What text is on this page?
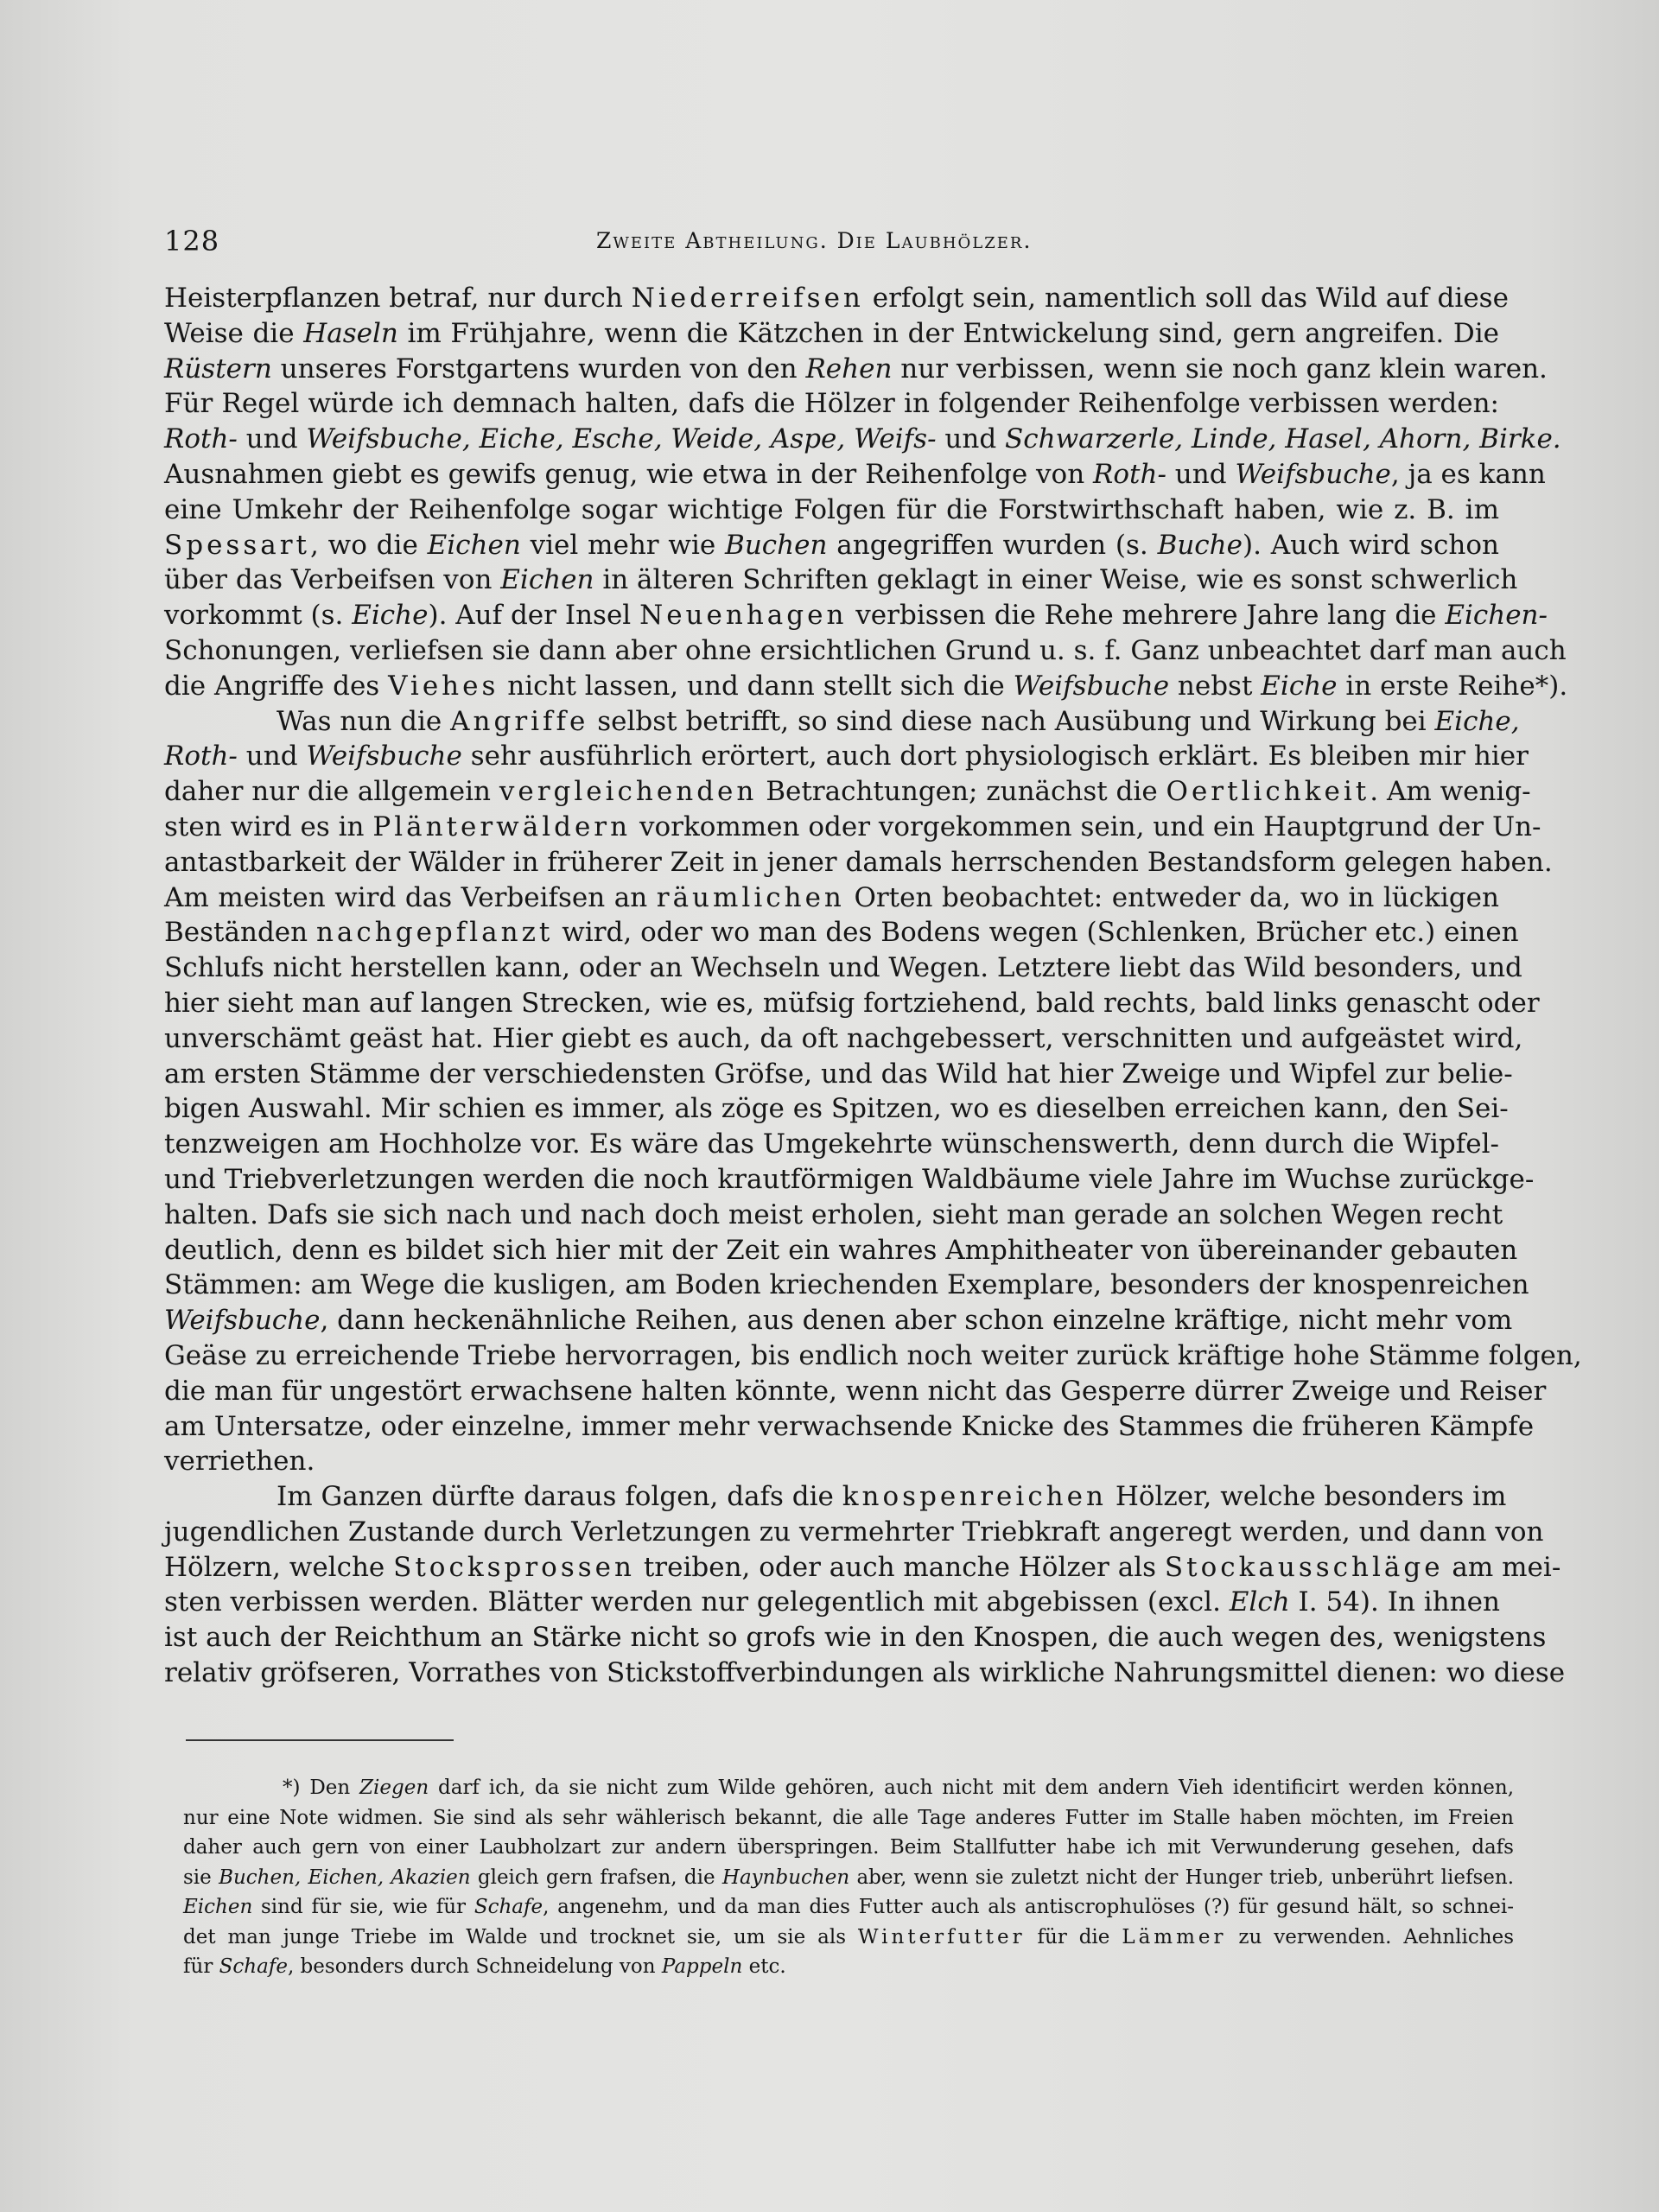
128	Zweite Abtheilung. Die Laubhölzer.
Heisterpflanzen betraf, nur durch Niederreifsen erfolgt sein, namentlich soll das Wild auf diese
Weise die Haseln im Frühjahre, wenn die Kätzchen in der Entwickelung sind, gern angreifen. Die
Rüstern unseres Forstgartens wurden von den Rehen nur verbissen, wenn sie noch ganz klein waren.
Für Regel würde ich demnach halten, dafs die Hölzer in folgender Reihenfolge verbissen werden:
Roth- und Weifsbuche, Eiche, Esche, Weide, Aspe, Weifs- und Schwarzerle, Linde, Hasel, Ahorn, Birke.
Ausnahmen giebt es gewifs genug, wie etwa in der Reihenfolge von Roth- und Weifsbuche, ja es kann
eine Umkehr der Reihenfolge sogar wichtige Folgen für die Forstwirthschaft haben, wie z. B. im
Spessart, wo die Eichen viel mehr wie Buchen angegriffen wurden (s. Buche). Auch wird schon
über das Verbeifsen von Eichen in älteren Schriften geklagt in einer Weise, wie es sonst schwerlich
vorkommt (s. Eiche). Auf der Insel Neuenhagen verbissen die Rehe mehrere Jahre lang die Eichen-
Schonungen, verliefsen sie dann aber ohne ersichtlichen Grund u. s. f. Ganz unbeachtet darf man auch
die Angriffe des Viehes nicht lassen, und dann stellt sich die Weifsbuche nebst Eiche in erste Reihe*).
Was nun die Angriffe selbst betrifft, so sind diese nach Ausübung und Wirkung bei Eiche,
Roth- und Weifsbuche sehr ausführlich erörtert, auch dort physiologisch erklärt. Es bleiben mir hier
daher nur die allgemein vergleichenden Betrachtungen; zunächst die Oertlichkeit. Am wenig-
sten wird es in Plänterwäldern vorkommen oder vorgekommen sein, und ein Hauptgrund der Un-
antastbarkeit der Wälder in früherer Zeit in jener damals herrschenden Bestandsform gelegen haben.
Am meisten wird das Verbeifsen an räumlichen Orten beobachtet: entweder da, wo in lückigen
Beständen nachgepflanzt wird, oder wo man des Bodens wegen (Schlenken, Brücher etc.) einen
Schlufs nicht herstellen kann, oder an Wechseln und Wegen. Letztere liebt das Wild besonders, und
hier sieht man auf langen Strecken, wie es, müfsig fortziehend, bald rechts, bald links genascht oder
unverschämt geäst hat. Hier giebt es auch, da oft nachgebessert, verschnitten und aufgeästet wird,
am ersten Stämme der verschiedensten Gröfse, und das Wild hat hier Zweige und Wipfel zur belie-
bigen Auswahl. Mir schien es immer, als zöge es Spitzen, wo es dieselben erreichen kann, den Sei-
tenzweigen am Hochholze vor. Es wäre das Umgekehrte wünschenswerth, denn durch die Wipfel-
und Triebverletzungen werden die noch krautförmigen Waldbäume viele Jahre im Wuchse zurückge-
halten. Dafs sie sich nach und nach doch meist erholen, sieht man gerade an solchen Wegen recht
deutlich, denn es bildet sich hier mit der Zeit ein wahres Amphitheater von übereinander gebauten
Stämmen: am Wege die kusligen, am Boden kriechenden Exemplare, besonders der knospenreichen
Weifsbuche, dann heckenähnliche Reihen, aus denen aber schon einzelne kräftige, nicht mehr vom
Geäse zu erreichende Triebe hervorragen, bis endlich noch weiter zurück kräftige hohe Stämme folgen,
die man für ungestört erwachsene halten könnte, wenn nicht das Gesperre dürrer Zweige und Reiser
am Untersatze, oder einzelne, immer mehr verwachsende Knicke des Stammes die früheren Kämpfe
verriethen.
Im Ganzen dürfte daraus folgen, dafs die knospenreichen Hölzer, welche besonders im
jugendlichen Zustande durch Verletzungen zu vermehrter Triebkraft angeregt werden, und dann von
Hölzern, welche Stocksprossen treiben, oder auch manche Hölzer als Stockausschläge am mei-
sten verbissen werden. Blätter werden nur gelegentlich mit abgebissen (excl. Elch I. 54). In ihnen
ist auch der Reichthum an Stärke nicht so grofs wie in den Knospen, die auch wegen des, wenigstens
relativ gröfseren, Vorrathes von Stickstoffverbindungen als wirkliche Nahrungsmittel dienen: wo diese
*) Den Ziegen darf ich, da sie nicht zum Wilde gehören, auch nicht mit dem andern Vieh identificirt werden können,
nur eine Note widmen. Sie sind als sehr wählerisch bekannt, die alle Tage anderes Futter im Stalle haben möchten, im Freien
daher auch gern von einer Laubholzart zur andern überspringen. Beim Stallfutter habe ich mit Verwunderung gesehen, dafs
sie Buchen, Eichen, Akazien gleich gern frafsen, die Haynbuchen aber, wenn sie zuletzt nicht der Hunger trieb, unberührt liefsen.
Eichen sind für sie, wie für Schafe, angenehm, und da man dies Futter auch als antiscrophulöses (?) für gesund hält, so schnei-
det man junge Triebe im Walde und trocknet sie, um sie als Winterfutter für die Lämmer zu verwenden. Aehnliches
für Schafe, besonders durch Schneidelung von Pappeln etc.
